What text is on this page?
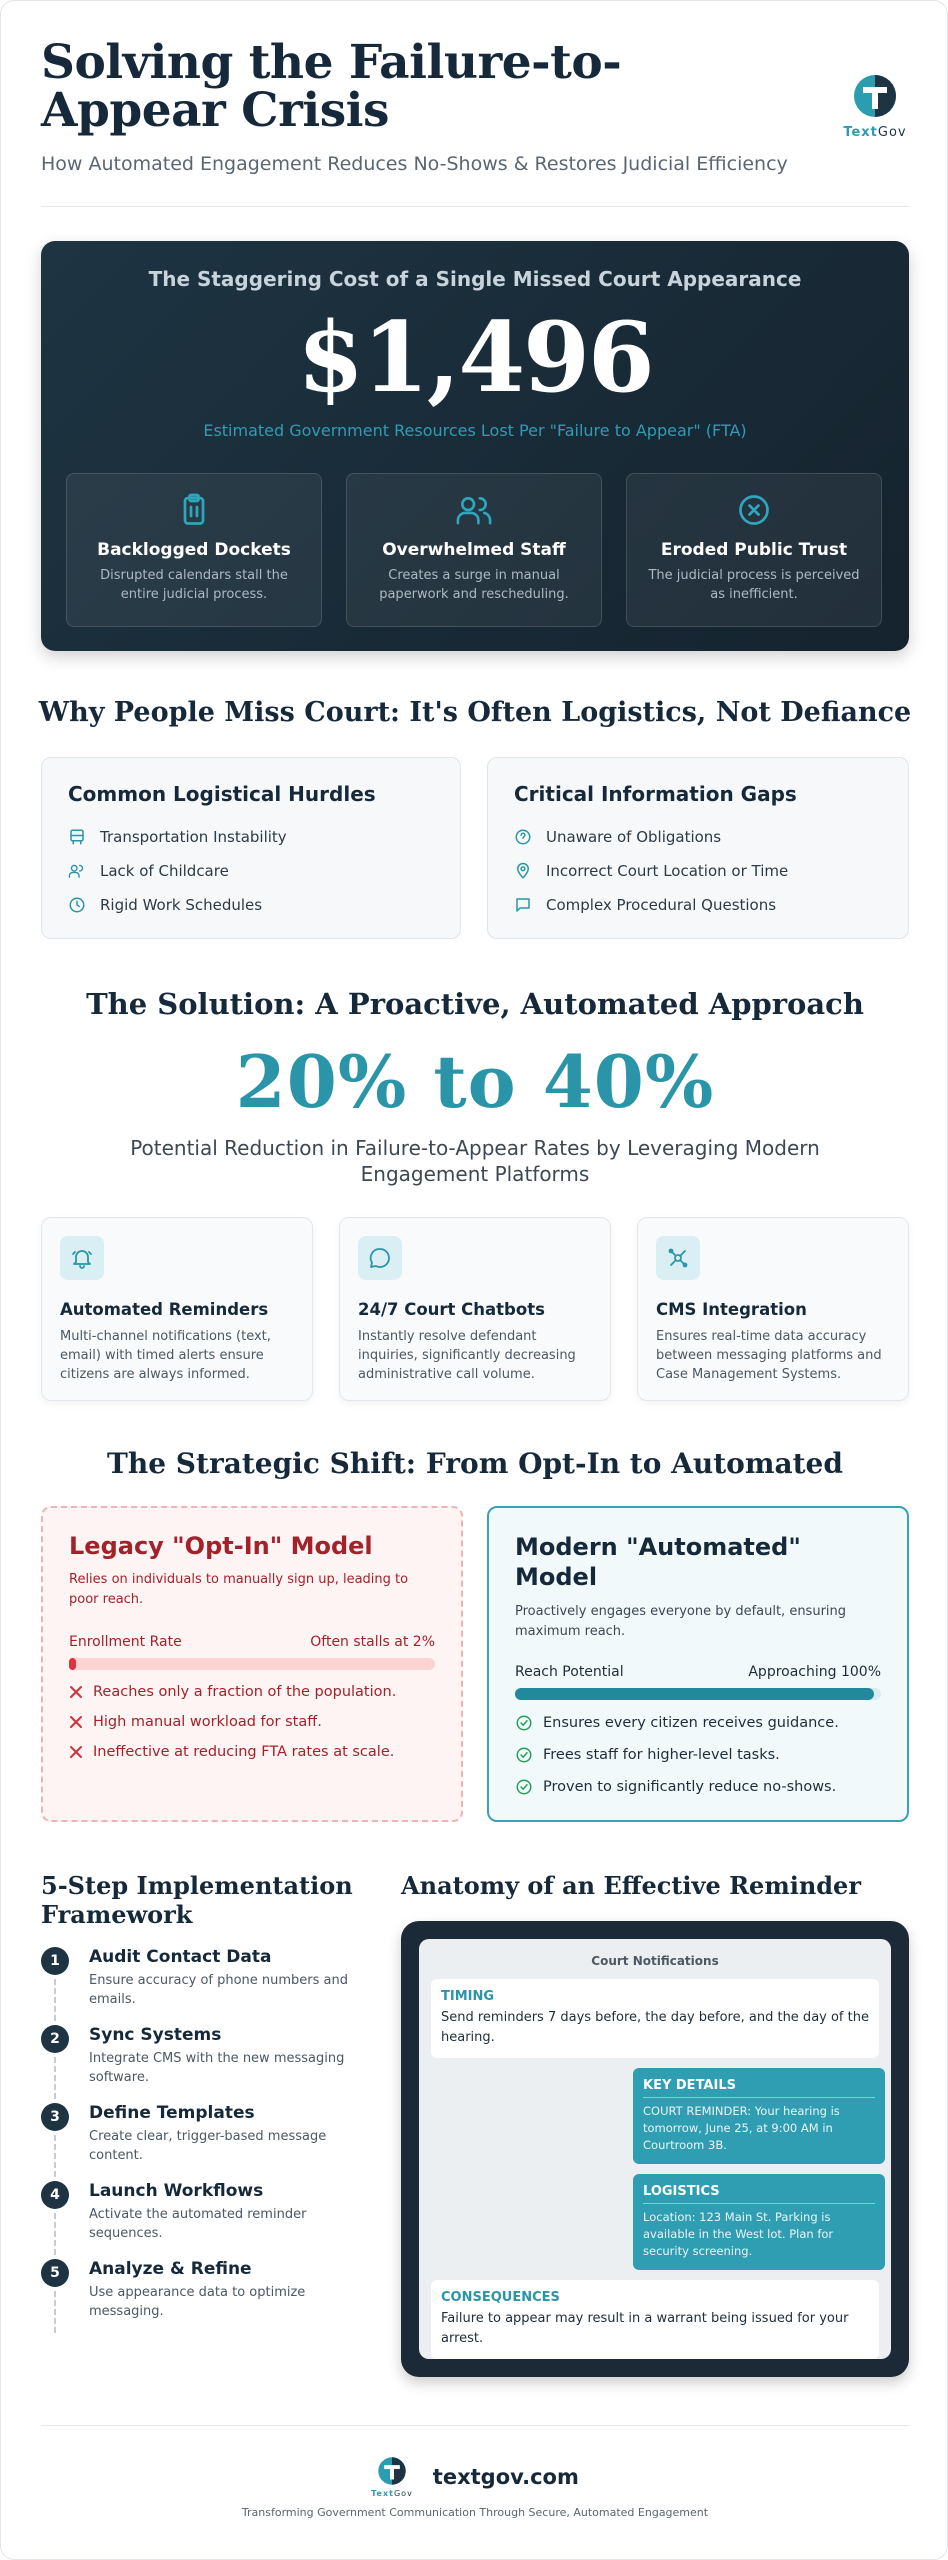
Solving the Failure-to-Appear Crisis
How Automated Engagement Reduces No-Shows & Restores Judicial Efficiency
TextGov
The Staggering Cost of a Single Missed Court Appearance
$1,496
Estimated Government Resources Lost Per "Failure to Appear" (FTA)
Backlogged Dockets
Disrupted calendars stall the entire judicial process.
Overwhelmed Staff
Creates a surge in manual paperwork and rescheduling.
Eroded Public Trust
The judicial process is perceived as inefficient.
Why People Miss Court: It's Often Logistics, Not Defiance
Common Logistical Hurdles
Transportation Instability
Lack of Childcare
Rigid Work Schedules
Critical Information Gaps
Unaware of Obligations
Incorrect Court Location or Time
Complex Procedural Questions
The Solution: A Proactive, Automated Approach
20% to 40%
Potential Reduction in Failure-to-Appear Rates by Leveraging Modern Engagement Platforms
Automated Reminders

Multi-channel notifications (text, email) with timed alerts ensure citizens are always informed.

24/7 Court Chatbots

Instantly resolve defendant inquiries, significantly decreasing administrative call volume.

CMS Integration

Ensures real-time data accuracy between messaging platforms and Case Management Systems.

The Strategic Shift: From Opt-In to Automated
Legacy "Opt-In" Model
Relies on individuals to manually sign up, leading to poor reach.
Enrollment Rate	Often stalls at 2%
Reaches only a fraction of the population.
High manual workload for staff.
Ineffective at reducing FTA rates at scale.
Modern "Automated" Model
Proactively engages everyone by default, ensuring maximum reach.
Reach Potential	Approaching 100%
Ensures every citizen receives guidance.
Frees staff for higher-level tasks.
Proven to significantly reduce no-shows.
5-Step Implementation Framework
1	Audit Contact Data

Ensure accuracy of phone numbers and emails.

2	Sync Systems

Integrate CMS with the new messaging software.

3	Define Templates

Create clear, trigger-based message content.

4	Launch Workflows

Activate the automated reminder sequences.

5	Analyze & Refine

Use appearance data to optimize messaging.

Anatomy of an Effective Reminder
Court Notifications
TIMING
Send reminders 7 days before, the day before, and the day of the hearing.
KEY DETAILS
COURT REMINDER: Your hearing is tomorrow, June 25, at 9:00 AM in Courtroom 3B.
LOGISTICS
Location: 123 Main St. Parking is available in the West lot. Plan for security screening.
CONSEQUENCES
Failure to appear may result in a warrant being issued for your arrest.
TextGov
textgov.com
Transforming Government Communication Through Secure, Automated Engagement
